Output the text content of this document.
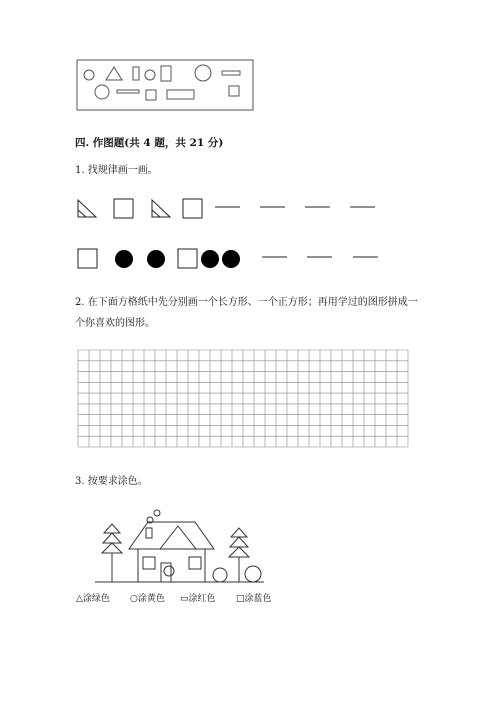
四. 作图题(共 4 题，共 21 分)
1. 找规律画一画。
2. 在下面方格纸中先分别画一个长方形、一个正方形；再用学过的图形拼成一
个你喜欢的图形。
3. 按要求涂色。
△涂绿色 ○涂黄色 ▭涂红色 □涂蓝色
